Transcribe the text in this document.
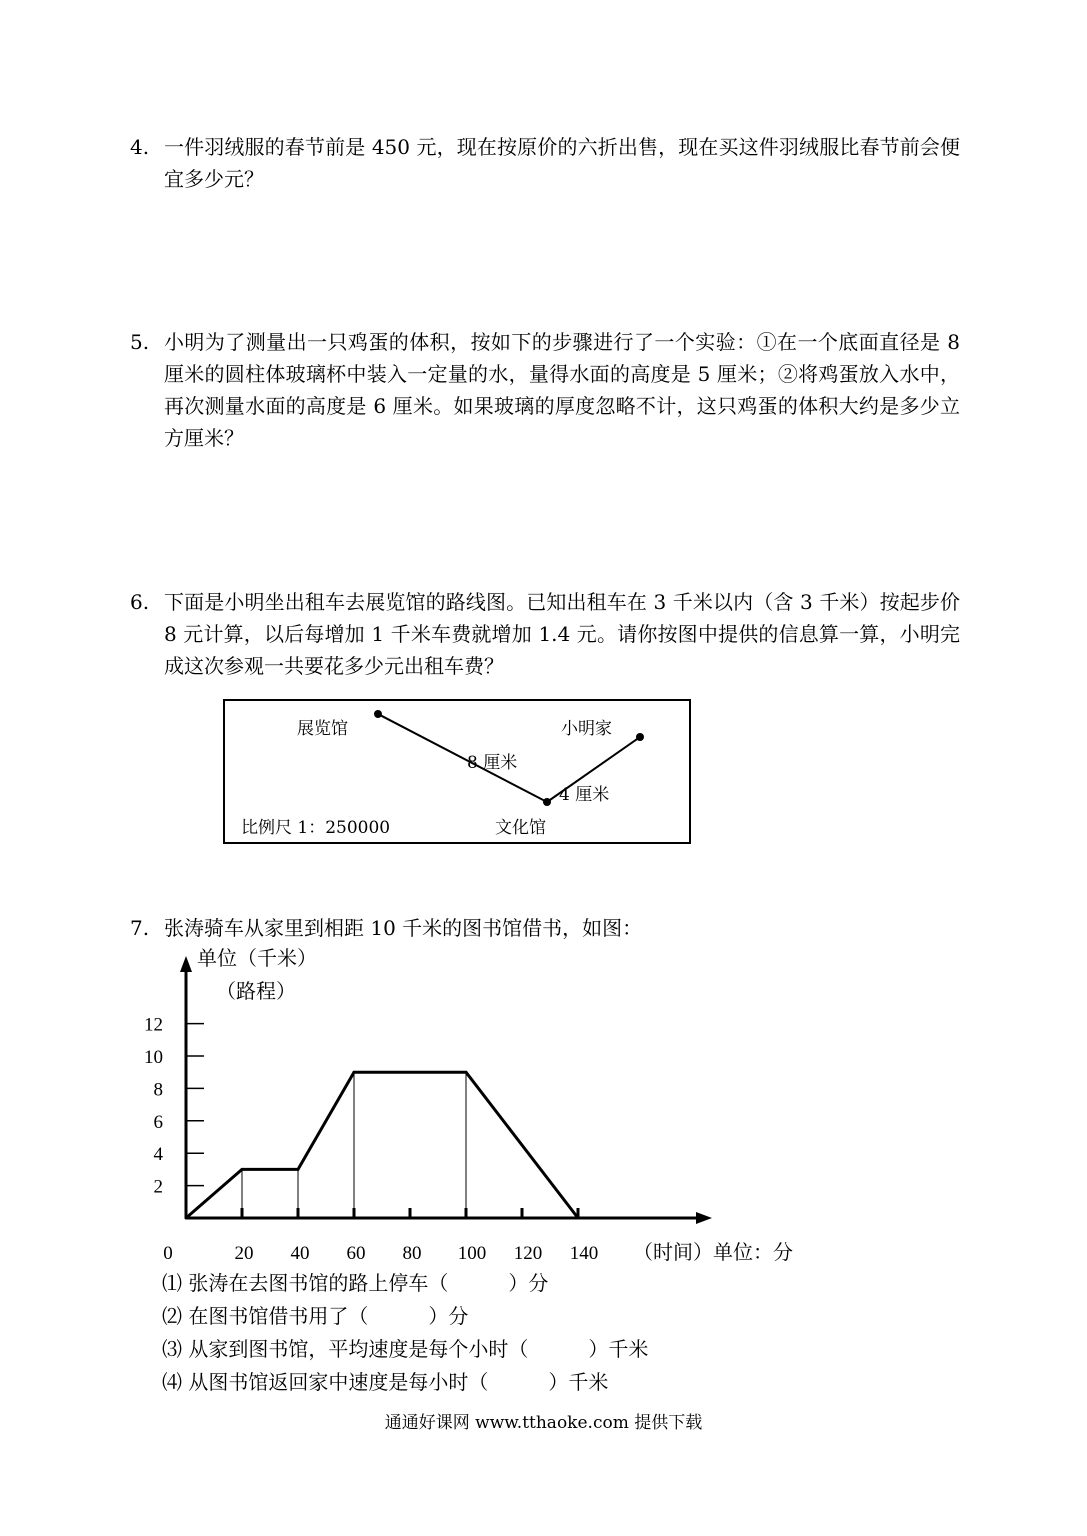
4. 一件羽绒服的春节前是 450 元，现在按原价的六折出售，现在买这件羽绒服比春节前会便宜多少元？
5. 小明为了测量出一只鸡蛋的体积，按如下的步骤进行了一个实验：①在一个底面直径是 8 厘米的圆柱体玻璃杯中装入一定量的水，量得水面的高度是 5 厘米；②将鸡蛋放入水中，再次测量水面的高度是 6 厘米。如果玻璃的厚度忽略不计，这只鸡蛋的体积大约是多少立方厘米？
6. 下面是小明坐出租车去展览馆的路线图。已知出租车在 3 千米以内（含 3 千米）按起步价 8 元计算，以后每增加 1 千米车费就增加 1.4 元。请你按图中提供的信息算一算，小明完成这次参观一共要花多少元出租车费？
展览馆	小明家
8 厘米
4 厘米
文化馆
比例尺 1：250000
7. 张涛骑车从家里到相距 10 千米的图书馆借书，如图：
2
4
6
8
10
12
0	20 40 60 80 100 120 140
单位（千米）
（路程）
（时间）单位：分
⑴ 张涛在去图书馆的路上停车（　　　）分
⑵ 在图书馆借书用了（　　　）分
⑶ 从家到图书馆，平均速度是每个小时（　　　）千米
⑷ 从图书馆返回家中速度是每小时（　　　）千米
通通好课网 www.tthaoke.com 提供下载
